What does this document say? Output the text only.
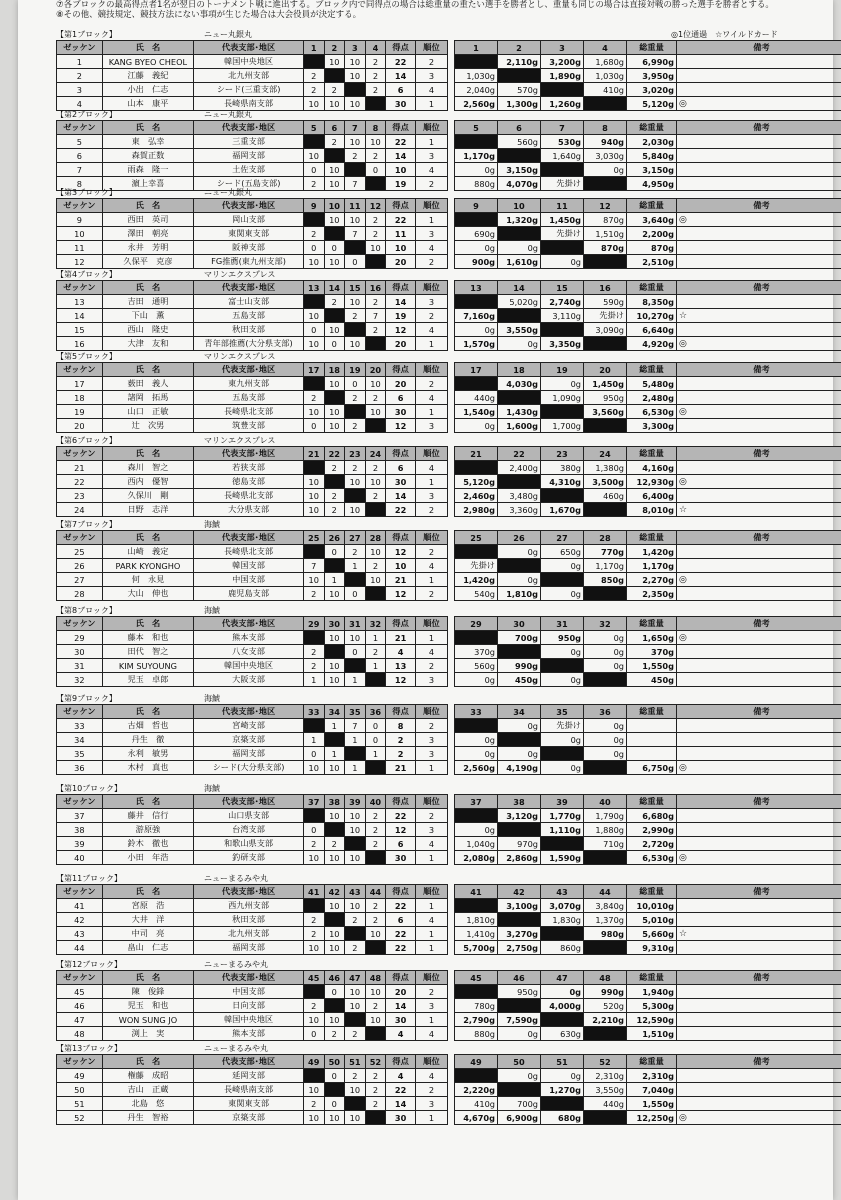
⑦各ブロックの最高得点者1名が翌日のトーナメント戦に進出する。ブロック内で同得点の場合は総重量の重たい選手を勝者とし、重量も同じの場合は直接対戦の勝った選手を勝者とする。
⑧その他、競技規定、競技方法にない事項が生じた場合は大会役員が決定する。
【第1ブロック】	ニュー丸銀丸	◎1位通過　☆ワイルドカード
ゼッケン	氏　名	代表支部･地区	1	2	3	4	得点	順位
1	KANG BYEO CHEOL	韓国中央地区		10	10	2	22	2
2	江藤　義紀	北九州支部	2		10	2	14	3
3	小出　仁志	シード(三重支部)	2	2		2	6	4
4	山本　康平	長崎県南支部	10	10	10		30	1
1	2	3	4	総重量	備考
	2,110g	3,200g	1,680g	6,990g	
1,030g		1,890g	1,030g	3,950g	
2,040g	570g		410g	3,020g	
2,560g	1,300g	1,260g		5,120g	◎
【第2ブロック】	ニュー丸銀丸
ゼッケン	氏　名	代表支部･地区	5	6	7	8	得点	順位
5	東　弘幸	三重支部		2	10	10	22	1
6	森賀正数	福岡支部	10		2	2	14	3
7	雨森　隆一	土佐支部	0	10		0	10	4
8	濵上幸喜	シード(五島支部)	2	10	7		19	2
5	6	7	8	総重量	備考
	560g	530g	940g	2,030g	
1,170g		1,640g	3,030g	5,840g	
0g	3,150g		0g	3,150g	
880g	4,070g	先掛け		4,950g	
【第3ブロック】	ニュー丸銀丸
ゼッケン	氏　名	代表支部･地区	9	10	11	12	得点	順位
9	西田　英司	岡山支部		10	10	2	22	1
10	澤田　朝亮	東関東支部	2		7	2	11	3
11	永井　芳明	阪神支部	0	0		10	10	4
12	久保平　克彦	FG推薦(東九州支部)	10	10	0		20	2
9	10	11	12	総重量	備考
	1,320g	1,450g	870g	3,640g	◎
690g		先掛け	1,510g	2,200g	
0g	0g		870g	870g	
900g	1,610g	0g		2,510g	
【第4ブロック】	マリンエクスプレス
ゼッケン	氏　名	代表支部･地区	13	14	15	16	得点	順位
13	吉田　通明	富士山支部		2	10	2	14	3
14	下山　薫	五島支部	10		2	7	19	2
15	西山　隆史	秋田支部	0	10		2	12	4
16	大津　友和	青年部推薦(大分県支部)	10	0	10		20	1
13	14	15	16	総重量	備考
	5,020g	2,740g	590g	8,350g	
7,160g		3,110g	先掛け	10,270g	☆
0g	3,550g		3,090g	6,640g	
1,570g	0g	3,350g		4,920g	◎
【第5ブロック】	マリンエクスプレス
ゼッケン	氏　名	代表支部･地区	17	18	19	20	得点	順位
17	薮田　義人	東九州支部		10	0	10	20	2
18	諸岡　拓馬	五島支部	2		2	2	6	4
19	山口　正敏	長崎県北支部	10	10		10	30	1
20	辻　次男	筑豊支部	0	10	2		12	3
17	18	19	20	総重量	備考
	4,030g	0g	1,450g	5,480g	
440g		1,090g	950g	2,480g	
1,540g	1,430g		3,560g	6,530g	◎
0g	1,600g	1,700g		3,300g	
【第6ブロック】	マリンエクスプレス
ゼッケン	氏　名	代表支部･地区	21	22	23	24	得点	順位
21	森川　智之	若狭支部		2	2	2	6	4
22	西内　優智	徳島支部	10		10	10	30	1
23	久保川　剛	長崎県北支部	10	2		2	14	3
24	日野　志洋	大分県支部	10	2	10		22	2
21	22	23	24	総重量	備考
	2,400g	380g	1,380g	4,160g	
5,120g		4,310g	3,500g	12,930g	◎
2,460g	3,480g		460g	6,400g	
2,980g	3,360g	1,670g		8,010g	☆
【第7ブロック】	海鯱
ゼッケン	氏　名	代表支部･地区	25	26	27	28	得点	順位
25	山崎　義定	長崎県北支部		0	2	10	12	2
26	PARK KYONGHO	韓国支部	7		1	2	10	4
27	何　永見	中国支部	10	1		10	21	1
28	大山　伸也	鹿児島支部	2	10	0		12	2
25	26	27	28	総重量	備考
	0g	650g	770g	1,420g	
先掛け		0g	1,170g	1,170g	
1,420g	0g		850g	2,270g	◎
540g	1,810g	0g		2,350g	
【第8ブロック】	海鯱
ゼッケン	氏　名	代表支部･地区	29	30	31	32	得点	順位
29	藤本　和也	熊本支部		10	10	1	21	1
30	田代　智之	八女支部	2		0	2	4	4
31	KIM SUYOUNG	韓国中央地区	2	10		1	13	2
32	児玉　卓郎	大阪支部	1	10	1		12	3
29	30	31	32	総重量	備考
	700g	950g	0g	1,650g	◎
370g		0g	0g	370g	
560g	990g		0g	1,550g	
0g	450g	0g		450g	
【第9ブロック】	海鯱
ゼッケン	氏　名	代表支部･地区	33	34	35	36	得点	順位
33	古畑　哲也	宮崎支部		1	7	0	8	2
34	丹生　徹	京築支部	1		1	0	2	3
35	永利　敏男	福岡支部	0	1		1	2	3
36	木村　真也	シード(大分県支部)	10	10	1		21	1
33	34	35	36	総重量	備考
	0g	先掛け	0g		
0g		0g	0g		
0g	0g		0g		
2,560g	4,190g	0g		6,750g	◎
【第10ブロック】	海鯱
ゼッケン	氏　名	代表支部･地区	37	38	39	40	得点	順位
37	藤井　信行	山口県支部		10	10	2	22	2
38	游原強	台湾支部	0		10	2	12	3
39	鈴木　徹也	和歌山県支部	2	2		2	6	4
40	小田　年浩	釣研支部	10	10	10		30	1
37	38	39	40	総重量	備考
	3,120g	1,770g	1,790g	6,680g	
0g		1,110g	1,880g	2,990g	
1,040g	970g		710g	2,720g	
2,080g	2,860g	1,590g		6,530g	◎
【第11ブロック】	ニューまるみや丸
ゼッケン	氏　名	代表支部･地区	41	42	43	44	得点	順位
41	宮原　浩	西九州支部		10	10	2	22	1
42	大井　洋	秋田支部	2		2	2	6	4
43	中司　亮	北九州支部	2	10		10	22	1
44	畠山　仁志	福岡支部	10	10	2		22	1
41	42	43	44	総重量	備考
	3,100g	3,070g	3,840g	10,010g	
1,810g		1,830g	1,370g	5,010g	
1,410g	3,270g		980g	5,660g	☆
5,700g	2,750g	860g		9,310g	
【第12ブロック】	ニューまるみや丸
ゼッケン	氏　名	代表支部･地区	45	46	47	48	得点	順位
45	陳　俊鋒	中国支部		0	10	10	20	2
46	児玉　和也	日向支部	2		10	2	14	3
47	WON SUNG JO	韓国中央地区	10	10		10	30	1
48	渕上　実	熊本支部	0	2	2		4	4
45	46	47	48	総重量	備考
	950g	0g	990g	1,940g	
780g		4,000g	520g	5,300g	
2,790g	7,590g		2,210g	12,590g	
880g	0g	630g		1,510g	
【第13ブロック】	ニューまるみや丸
ゼッケン	氏　名	代表支部･地区	49	50	51	52	得点	順位
49	権藤　成昭	延岡支部		0	2	2	4	4
50	吉山　正蔵	長崎県南支部	10		10	2	22	2
51	北島　悠	東関東支部	2	0		2	14	3
52	丹生　智裕	京築支部	10	10	10		30	1
49	50	51	52	総重量	備考
	0g	0g	2,310g	2,310g	
2,220g		1,270g	3,550g	7,040g	
410g	700g		440g	1,550g	
4,670g	6,900g	680g		12,250g	◎
